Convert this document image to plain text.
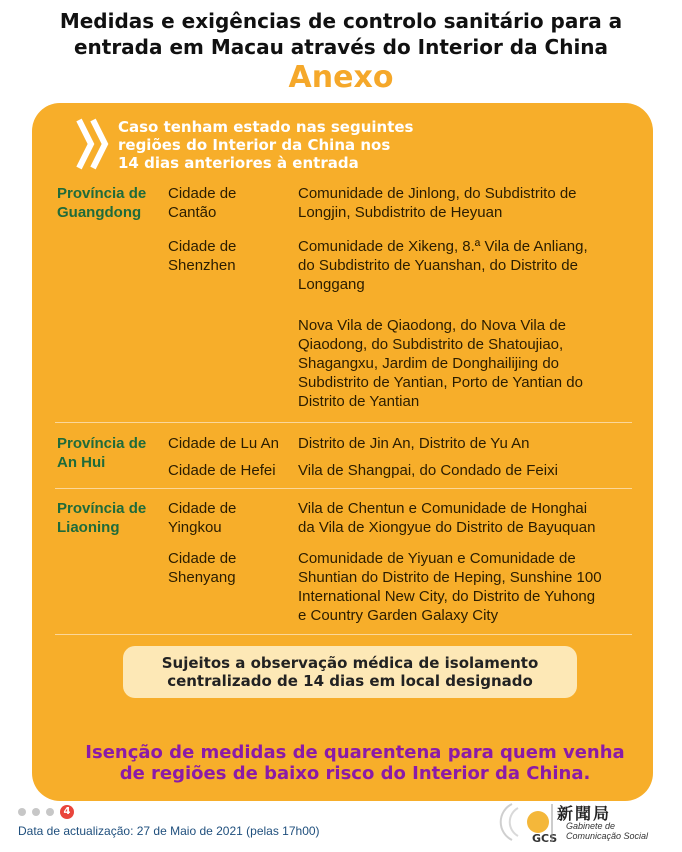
Medidas e exigências de controlo sanitário para a
entrada em Macau através do Interior da China
Anexo
Caso tenham estado nas seguintes
regiões do Interior da China nos
14 dias anteriores à entrada
Província de
Guangdong
Cidade de
Cantão
Comunidade de Jinlong, do Subdistrito de
Longjin, Subdistrito de Heyuan
Cidade de
Shenzhen
Comunidade de Xikeng, 8.ª Vila de Anliang,
do Subdistrito de Yuanshan, do Distrito de
Longgang
Nova Vila de Qiaodong, do Nova Vila de
Qiaodong, do Subdistrito de Shatoujiao,
Shagangxu, Jardim de Donghailijing do
Subdistrito de Yantian, Porto de Yantian do
Distrito de Yantian
Província de
An Hui
Cidade de Lu An	Distrito de Jin An, Distrito de Yu An
Cidade de Hefei	Vila de Shangpai, do Condado de Feixi
Província de
Liaoning
Cidade de
Yingkou
Vila de Chentun e Comunidade de Honghai
da Vila de Xiongyue do Distrito de Bayuquan
Cidade de
Shenyang
Comunidade de Yiyuan e Comunidade de
Shuntian do Distrito de Heping, Sunshine 100
International New City, do Distrito de Yuhong
e Country Garden Galaxy City
Sujeitos a observação médica de isolamento
centralizado de 14 dias em local designado
Isenção de medidas de quarentena para quem venha
de regiões de baixo risco do Interior da China.
4
Data de actualização: 27 de Maio de 2021 (pelas 17h00)
GCS
新聞局
Gabinete de
Comunicação Social
